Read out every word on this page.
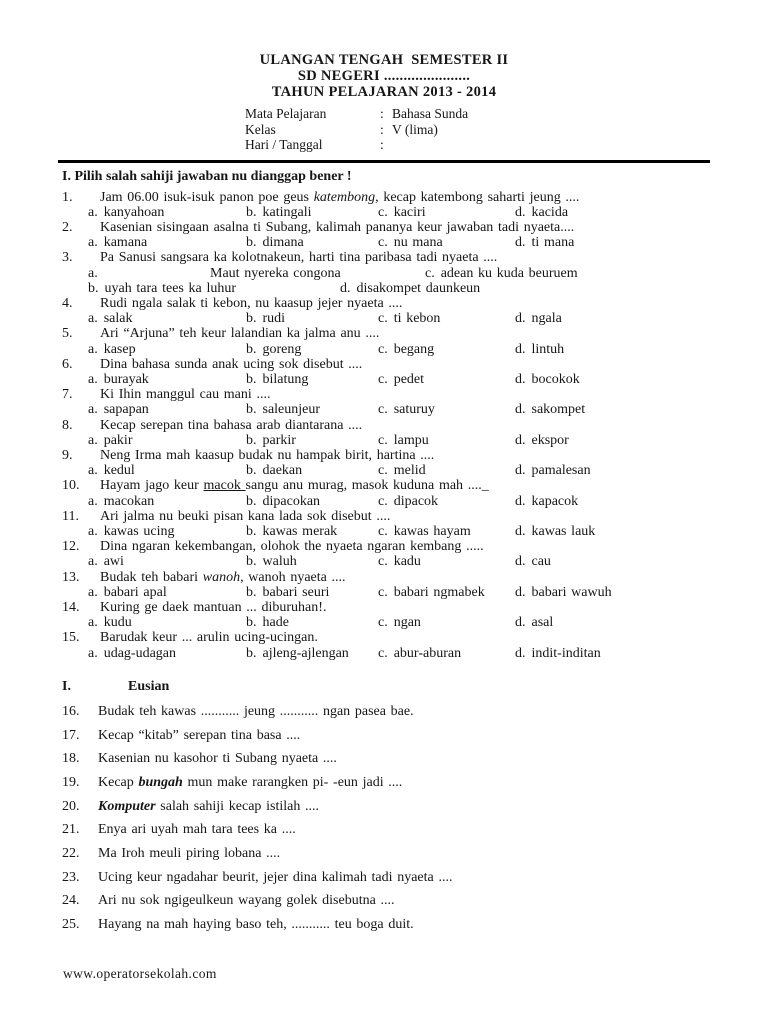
ULANGAN TENGAH  SEMESTER II
SD NEGERI ......................
TAHUN PELAJARAN 2013 - 2014
Mata Pelajaran	: Bahasa Sunda
Kelas	: V (lima)
Hari / Tanggal	:
I. Pilih salah sahiji jawaban nu dianggap bener !
1.	Jam 06.00 isuk-isuk panon poe geus katembong, kecap katembong saharti jeung ....
a. kanyahoan	b. katingali	c. kaciri	d. kacida
2.	Kasenian sisingaan asalna ti Subang, kalimah pananya keur jawaban tadi nyaeta....
a. kamana	b. dimana	c. nu mana	d. ti mana
3.	Pa Sanusi sangsara ka kolotnakeun, harti tina paribasa tadi nyaeta ....
a.	Maut nyereka congona	c. adean ku kuda beuruem
b. uyah tara tees ka luhur	d. disakompet daunkeun
4.	Rudi ngala salak ti kebon, nu kaasup jejer nyaeta ....
a. salak	b. rudi	c. ti kebon	d. ngala
5.	Ari “Arjuna” teh keur lalandian ka jalma anu ....
a. kasep	b. goreng	c. begang	d. lintuh
6.	Dina bahasa sunda anak ucing sok disebut ....
a. burayak	b. bilatung	c. pedet	d. bocokok
7.	Ki Ihin manggul cau mani ....
a. sapapan	b. saleunjeur	c. saturuy	d. sakompet
8.	Kecap serepan tina bahasa arab diantarana ....
a. pakir	b. parkir	c. lampu	d. ekspor
9.	Neng Irma mah kaasup budak nu hampak birit, hartina ....
a. kedul	b. daekan	c. melid	d. pamalesan
10.	Hayam jago keur macok sangu anu murag, masok kuduna mah ...._
a. macokan	b. dipacokan	c. dipacok	d. kapacok
11.	Ari jalma nu beuki pisan kana lada sok disebut ....
a. kawas ucing	b. kawas merak	c. kawas hayam	d. kawas lauk
12.	Dina ngaran kekembangan, olohok the nyaeta ngaran kembang .....
a. awi	b. waluh	c. kadu	d. cau
13.	Budak teh babari wanoh, wanoh nyaeta ....
a. babari apal	b. babari seuri	c. babari ngmabek d. babari wawuh
14.	Kuring ge daek mantuan ... diburuhan!.
a. kudu	b. hade	c. ngan	d. asal
15.	Barudak keur ... arulin ucing-ucingan.
a. udag-udagan	b. ajleng-ajlengan c. abur-aburan	d. indit-inditan
I.	Eusian
16.	Budak teh kawas ........... jeung ........... ngan pasea bae.
17.	Kecap “kitab” serepan tina basa ....
18.	Kasenian nu kasohor ti Subang nyaeta ....
19.	Kecap bungah mun make rarangken pi- -eun jadi ....
20.	Komputer salah sahiji kecap istilah ....
21.	Enya ari uyah mah tara tees ka ....
22.	Ma Iroh meuli piring lobana ....
23.	Ucing keur ngadahar beurit, jejer dina kalimah tadi nyaeta ....
24.	Ari nu sok ngigeulkeun wayang golek disebutna ....
25.	Hayang na mah haying baso teh, ........... teu boga duit.
www.operatorsekolah.com
